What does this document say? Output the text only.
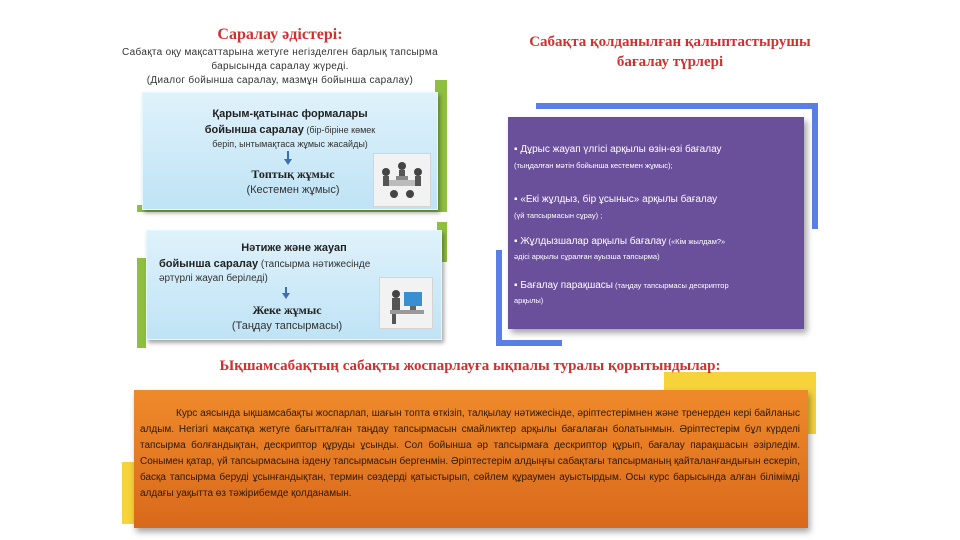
Саралау әдістері:
Сабақта оқу мақсаттарына жетуге негізделген барлық тапсырма
барысында саралау жүреді.
(Диалог бойынша саралау, мазмұн бойынша саралау)
Қарым-қатынас формалары
бойынша саралау (бір-біріне көмек
беріп, ынтымақтаса жұмыс жасайды)
Топтық жұмыс
(Кестемен жұмыс)
Нәтиже және жауап
бойынша саралау (тапсырма нәтижесінде
әртүрлі жауап беріледі)
Жеке жұмыс
(Таңдау тапсырмасы)
Сабақта қолданылған қалыптастырушы
бағалау түрлері
▪ Дұрыс жауап үлгісі арқылы өзін-өзі бағалау
(тыңдалған мәтін бойынша кестемен жұмыс);
▪ «Екі жұлдыз, бір ұсыныс» арқылы бағалау
(үй тапсырмасын сұрау) ;
▪ Жұлдызшалар арқылы бағалау («Кім жылдам?»
әдісі арқылы сұралған ауызша тапсырма)
▪ Бағалау парақшасы (таңдау тапсырмасы дескриптор
арқылы)
Ықшамсабақтың сабақты жоспарлауға ықпалы туралы қорытындылар:
Курс аясында ықшамсабақты жоспарлап, шағын топта өткізіп, талқылау нәтижесінде, әріптестерімнен және тренерден кері байланыс алдым. Негізгі мақсатқа жетуге бағытталған таңдау тапсырмасын смайликтер арқылы бағалаған болатынмын. Әріптестерім бұл күрделі тапсырма болғандықтан, дескриптор құруды ұсынды. Сол бойынша әр тапсырмаға дескриптор құрып, бағалау парақшасын әзірледім. Сонымен қатар, үй тапсырмасына іздену тапсырмасын бергенмін. Әріптестерім алдыңғы сабақтағы тапсырманың қайталанғандығын ескеріп, басқа тапсырма беруді ұсынғандықтан, термин сөздерді қатыстырып, сөйлем құраумен ауыстырдым. Осы курс барысында алған білімімді алдағы уақытта өз тәжірибемде қолданамын.
